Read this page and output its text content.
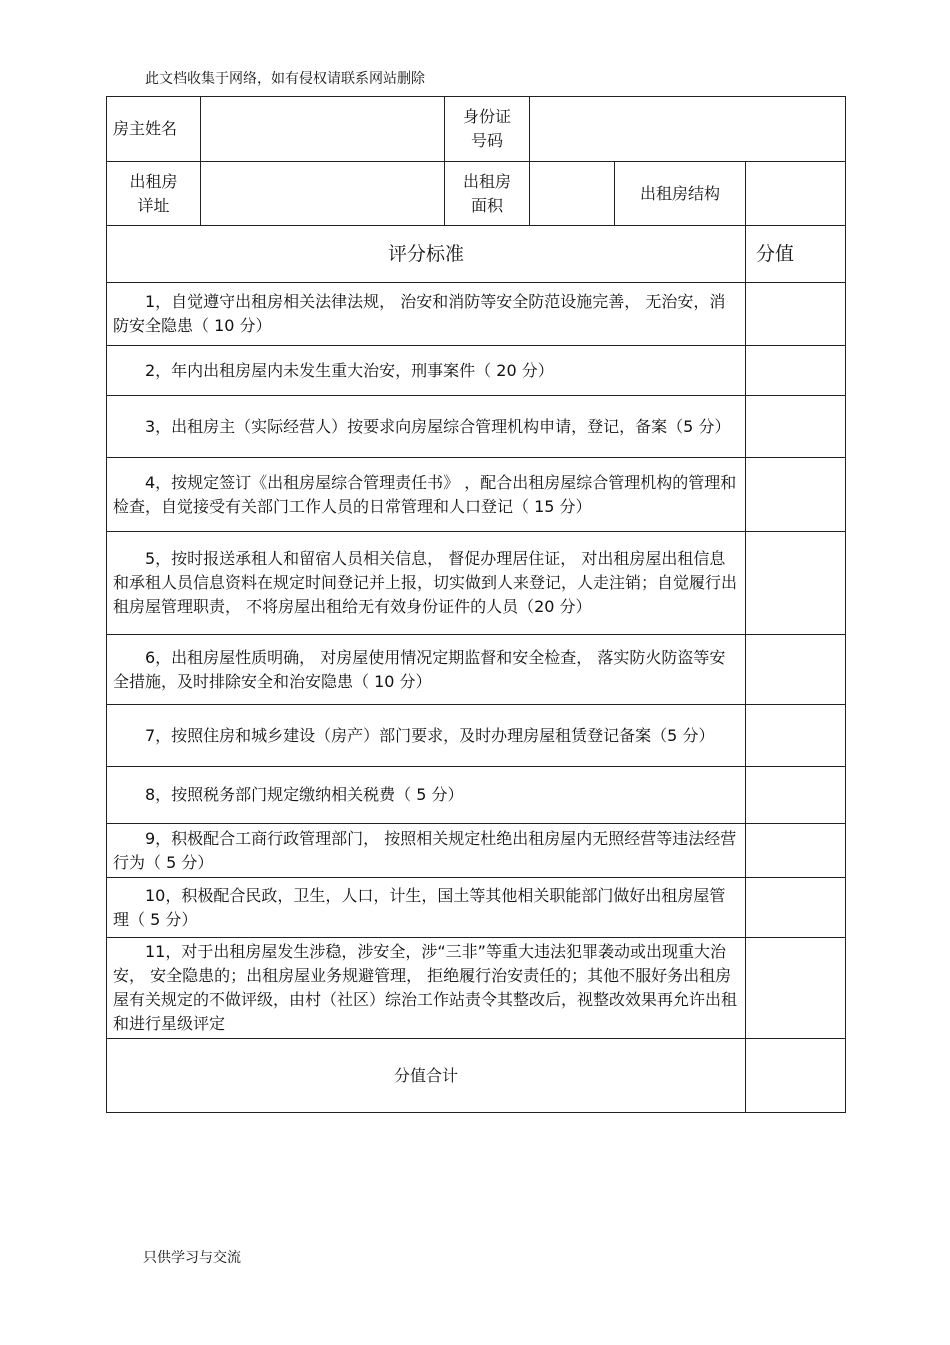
此文档收集于网络，如有侵权请联系网站删除
房主姓名		身份证号码			

出租房详址		出租房面积		出租房结构	
评分标准					分值

1，自觉遵守出租房相关法律法规， 治安和消防等安全防范设施完善， 无治安，消防安全隐患（ 10 分）					

2，年内出租房屋内未发生重大治安，刑事案件（ 20 分）					

3，出租房主（实际经营人）按要求向房屋综合管理机构申请，登记，备案（5 分）					

4，按规定签订《出租房屋综合管理责任书》 ，配合出租房屋综合管理机构的管理和检查，自觉接受有关部门工作人员的日常管理和人口登记（ 15 分）					

5，按时报送承租人和留宿人员相关信息， 督促办理居住证， 对出租房屋出租信息和承租人员信息资料在规定时间登记并上报，切实做到人来登记，人走注销；自觉履行出租房屋管理职责， 不将房屋出租给无有效身份证件的人员（20 分）					

6，出租房屋性质明确， 对房屋使用情况定期监督和安全检查， 落实防火防盗等安全措施，及时排除安全和治安隐患（ 10 分）					

7，按照住房和城乡建设（房产）部门要求，及时办理房屋租赁登记备案（5 分）					

8，按照税务部门规定缴纳相关税费（ 5 分）					

9，积极配合工商行政管理部门， 按照相关规定杜绝出租房屋内无照经营等违法经营行为（ 5 分）					

10，积极配合民政，卫生，人口，计生，国土等其他相关职能部门做好出租房屋管理（ 5 分）					

11，对于出租房屋发生涉稳，涉安全，涉“三非”等重大违法犯罪袭动或出现重大治安， 安全隐患的；出租房屋业务规避管理， 拒绝履行治安责任的；其他不服好务出租房屋有关规定的不做评级，由村（社区）综治工作站责令其整改后，视整改效果再允许出租和进行星级评定					

分值合计					
只供学习与交流
